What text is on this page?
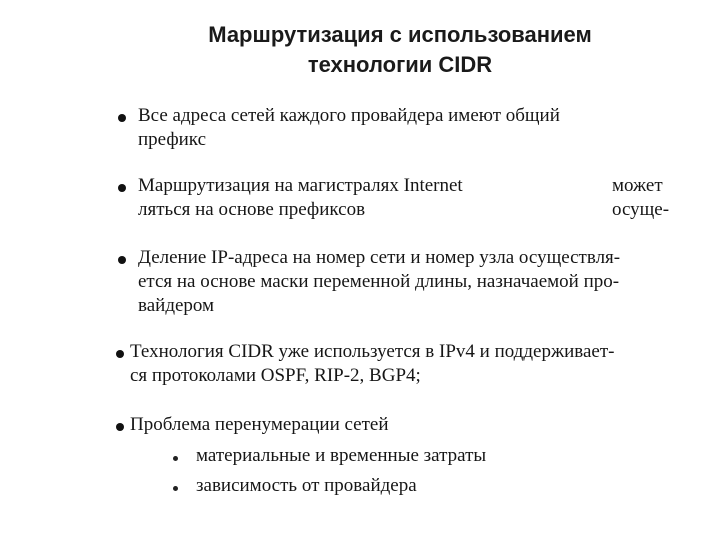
Маршрутизация с использованием
технологии CIDR
Все адреса сетей каждого провайдера имеют общий
префикс
Маршрутизация на магистралях Internet	может осуще-
ляться на основе префиксов
Деление IP-адреса на номер сети и номер узла осуществля-
ется на основе маски переменной длины, назначаемой про-
вайдером
Технология CIDR уже используется в IPv4 и поддерживает-
ся протоколами OSPF, RIP-2, BGP4;
Проблема перенумерации сетей
материальные и временные затраты
зависимость от провайдера
